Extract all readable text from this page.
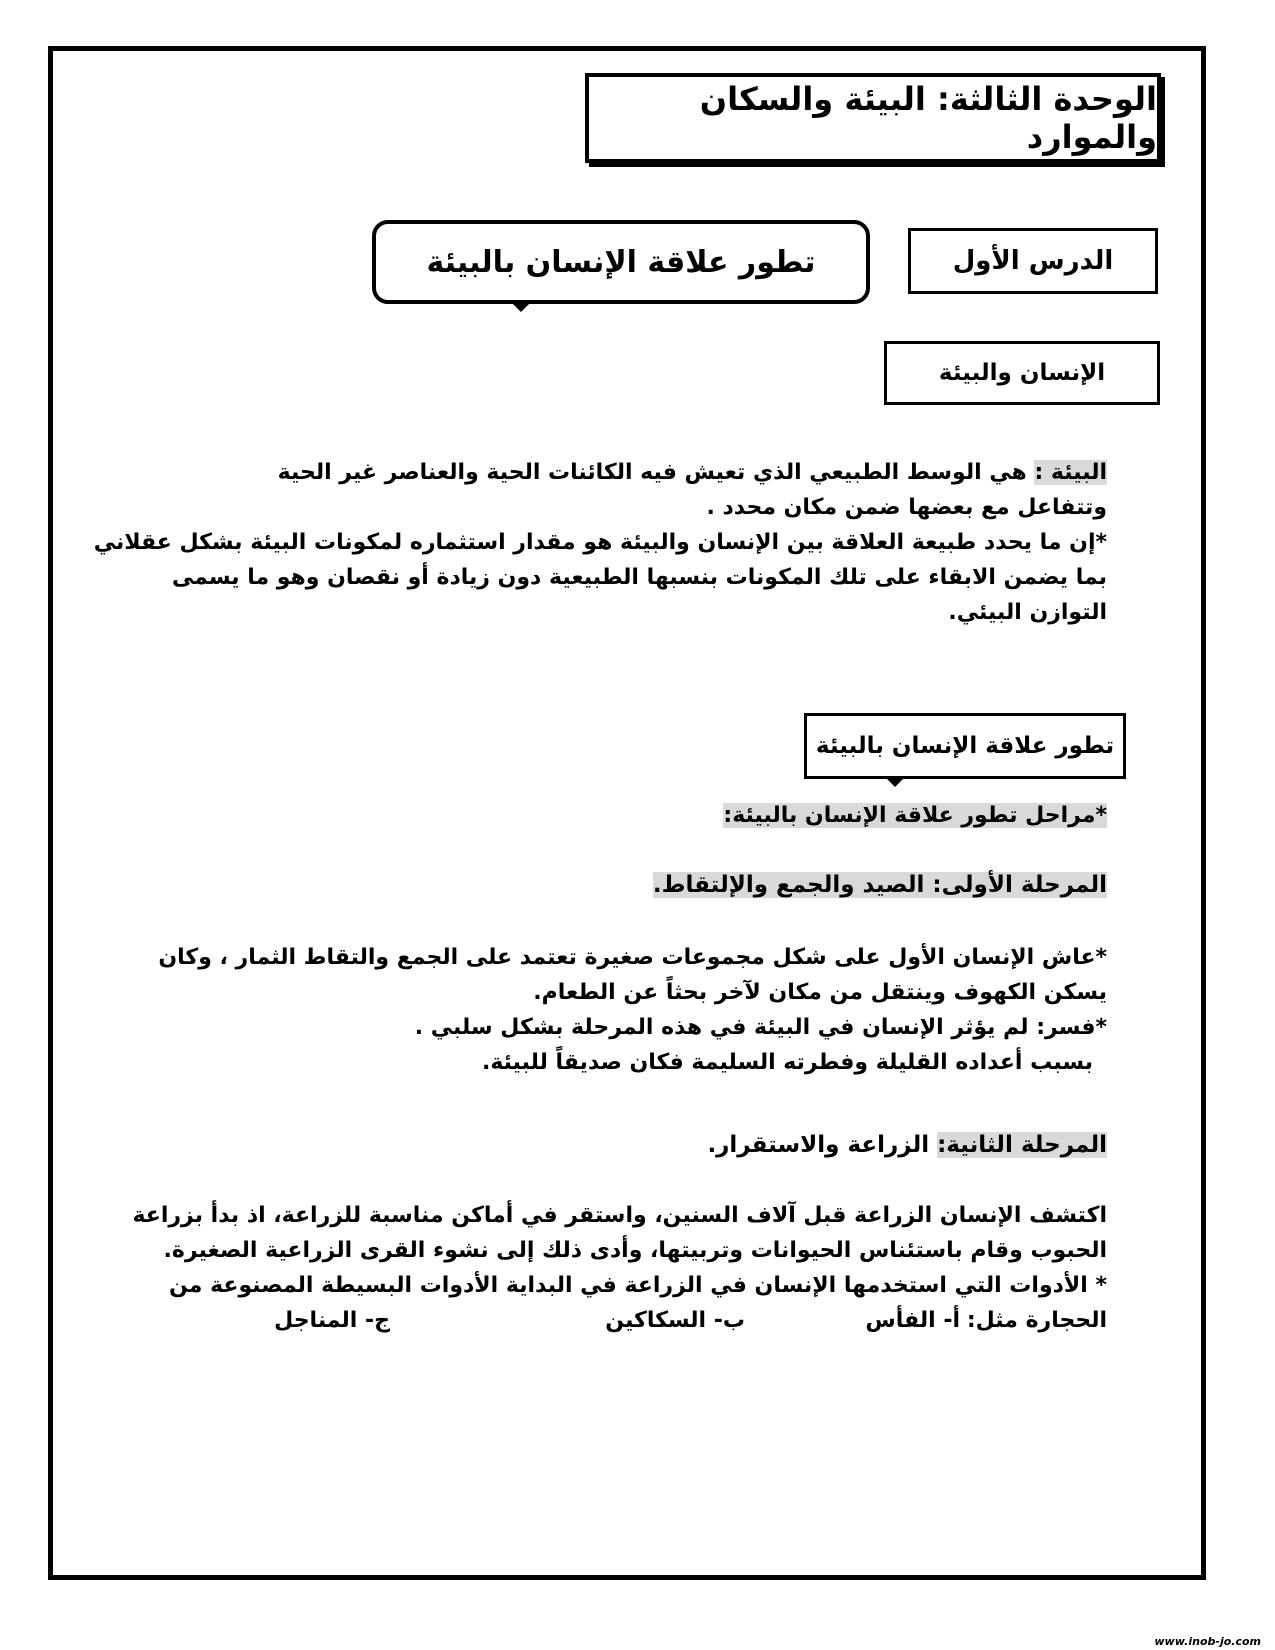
الوحدة الثالثة: البيئة والسكان والموارد
الدرس الأول
تطور علاقة الإنسان بالبيئة
الإنسان والبيئة
البيئة : هي الوسط الطبيعي الذي تعيش فيه الكائنات الحية والعناصر غير الحية
وتتفاعل مع بعضها ضمن مكان محدد .
*إن ما يحدد طبيعة العلاقة بين الإنسان والبيئة هو مقدار استثماره لمكونات البيئة بشكل عقلاني
بما يضمن الابقاء على تلك المكونات بنسبها الطبيعية دون زيادة أو نقصان وهو ما يسمى
التوازن البيئي.
تطور علاقة الإنسان بالبيئة
*مراحل تطور علاقة الإنسان بالبيئة:
المرحلة الأولى: الصيد والجمع والإلتقاط.
*عاش الإنسان الأول على شكل مجموعات صغيرة تعتمد على الجمع والتقاط الثمار ، وكان
يسكن الكهوف وينتقل من مكان لآخر بحثاً عن الطعام.
*فسر: لم يؤثر الإنسان في البيئة في هذه المرحلة بشكل سلبي .
بسبب أعداده القليلة وفطرته السليمة فكان صديقاً للبيئة.
المرحلة الثانية: الزراعة والاستقرار.
اكتشف الإنسان الزراعة قبل آلاف السنين، واستقر في أماكن مناسبة للزراعة، اذ بدأ بزراعة
الحبوب وقام باستئناس الحيوانات وتربيتها، وأدى ذلك إلى نشوء القرى الزراعية الصغيرة.
* الأدوات التي استخدمها الإنسان في الزراعة في البداية الأدوات البسيطة المصنوعة من
الحجارة مثل:
أ- الفأس
ب- السكاكين
ج- المناجل
www.inob-jo.com
